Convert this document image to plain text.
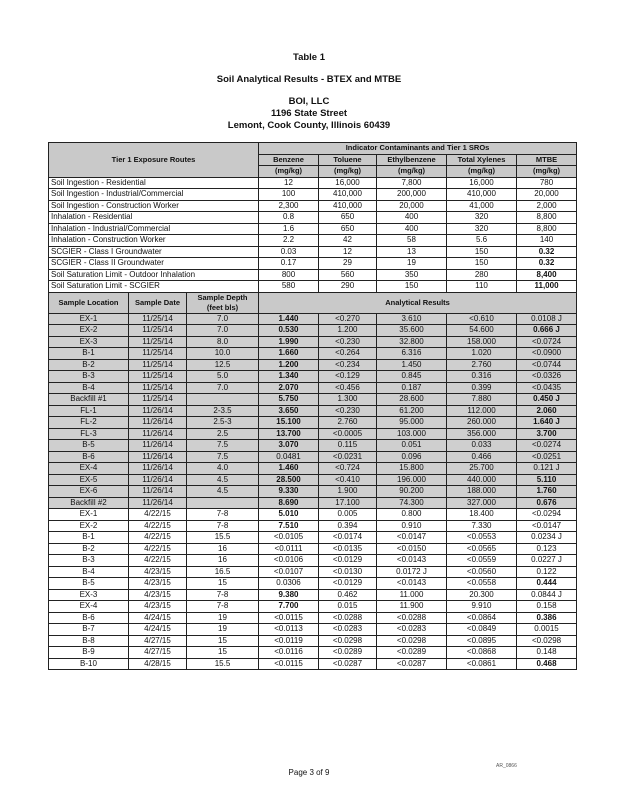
Table 1
Soil Analytical Results - BTEX and MTBE
BOI, LLC
1196 State Street
Lemont, Cook County, Illinois 60439
Tier 1 Exposure Routes			Indicator Contaminants and Tier 1 SROs				
			Benzene	Toluene	Ethylbenzene	Total Xylenes	MTBE
			(mg/kg)	(mg/kg)	(mg/kg)	(mg/kg)	(mg/kg)
Soil Ingestion - Residential			12	16,000	7,800	16,000	780
Soil Ingestion - Industrial/Commercial			100	410,000	200,000	410,000	20,000
Soil Ingestion - Construction Worker			2,300	410,000	20,000	41,000	2,000
Inhalation - Residential			0.8	650	400	320	8,800
Inhalation - Industrial/Commercial			1.6	650	400	320	8,800
Inhalation - Construction Worker			2.2	42	58	5.6	140
SCGIER - Class I Groundwater			0.03	12	13	150	0.32
SCGIER - Class II Groundwater			0.17	29	19	150	0.32
Soil Saturation Limit - Outdoor Inhalation			800	560	350	280	8,400
Soil Saturation Limit - SCGIER			580	290	150	110	11,000
Sample Location	Sample Date	Sample Depth (feet bls)	Analytical Results				

EX-1	11/25/14	7.0	1.440	<0.270	3.610	<0.610	0.0108 J
EX-2	11/25/14	7.0	0.530	1.200	35.600	54.600	0.666 J
EX-3	11/25/14	8.0	1.990	<0.230	32.800	158.000	<0.0724
B-1	11/25/14	10.0	1.660	<0.264	6.316	1.020	<0.0900
B-2	11/25/14	12.5	1.200	<0.234	1.450	2.760	<0.0744
B-3	11/25/14	5.0	1.340	<0.129	0.845	0.316	<0.0326
B-4	11/25/14	7.0	2.070	<0.456	0.187	0.399	<0.0435
Backfill #1	11/25/14		5.750	1.300	28.600	7.880	0.450 J
FL-1	11/26/14	2-3.5	3.650	<0.230	61.200	112.000	2.060
FL-2	11/26/14	2.5-3	15.100	2.760	95.000	260.000	1.640 J
FL-3	11/26/14	2.5	13.700	<0.0005	103.000	356.000	3.700
B-5	11/26/14	7.5	3.070	0.115	0.051	0.033	<0.0274
B-6	11/26/14	7.5	0.0481	<0.0231	0.096	0.466	<0.0251
EX-4	11/26/14	4.0	1.460	<0.724	15.800	25.700	0.121 J
EX-5	11/26/14	4.5	28.500	<0.410	196.000	440.000	5.110
EX-6	11/26/14	4.5	9.330	1.900	90.200	188.000	1.760
Backfill #2	11/26/14		8.690	17.100	74.300	327.000	0.676
EX-1	4/22/15	7-8	5.010	0.005	0.800	18.400	<0.0294
EX-2	4/22/15	7-8	7.510	0.394	0.910	7.330	<0.0147
B-1	4/22/15	15.5	<0.0105	<0.0174	<0.0147	<0.0553	0.0234 J
B-2	4/22/15	16	<0.0111	<0.0135	<0.0150	<0.0565	0.123
B-3	4/22/15	16	<0.0106	<0.0129	<0.0143	<0.0559	0.0227 J
B-4	4/23/15	16.5	<0.0107	<0.0130	0.0172 J	<0.0560	0.122
B-5	4/23/15	15	0.0306	<0.0129	<0.0143	<0.0558	0.444
EX-3	4/23/15	7-8	9.380	0.462	11.000	20.300	0.0844 J
EX-4	4/23/15	7-8	7.700	0.015	11.900	9.910	0.158
B-6	4/24/15	19	<0.0115	<0.0288	<0.0288	<0.0864	0.386
B-7	4/24/15	19	<0.0113	<0.0283	<0.0283	<0.0849	0.0015
B-8	4/27/15	15	<0.0119	<0.0298	<0.0298	<0.0895	<0.0298
B-9	4/27/15	15	<0.0116	<0.0289	<0.0289	<0.0868	0.148
B-10	4/28/15	15.5	<0.0115	<0.0287	<0.0287	<0.0861	0.468
AR_0866
Page 3 of 9
